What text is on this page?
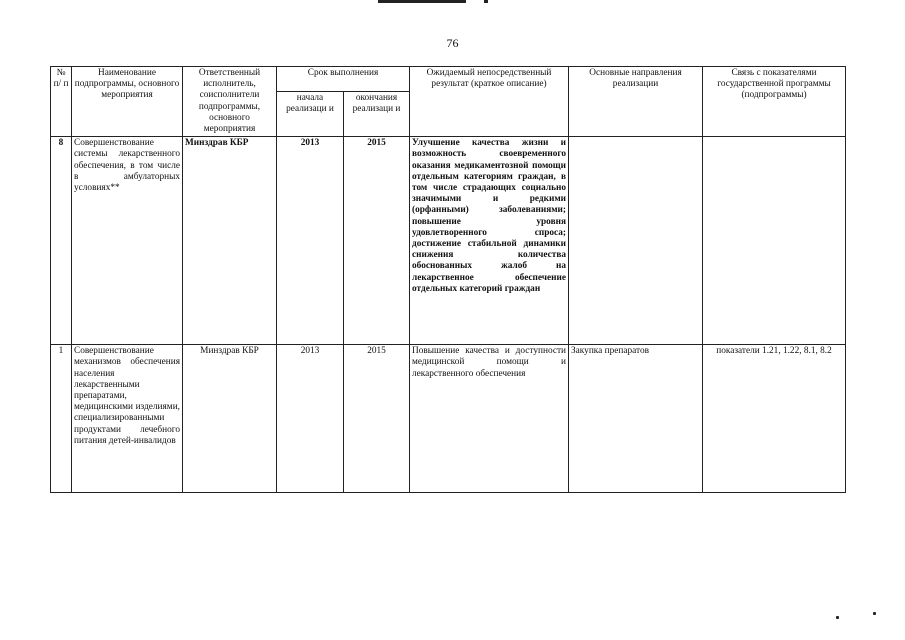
76
№ п/ п	Наименование подпрограммы, основного мероприятия	Ответственный исполнитель, соисполнители подпрограммы, основного мероприятия	Срок выполнения		Ожидаемый непосредственный результат (краткое описание)	Основные направления реализации	Связь с показателями государственной программы (подпрограммы)
			начала реализаци и	окончания реализаци и			
8	Совершенствование системы лекарственного обеспечения, в том числе в амбулаторных условиях**	Минздрав КБР	2013	2015	Улучшение качества жизни и возможность своевременного оказания медикаментозной помощи отдельным категориям граждан, в том числе страдающих социально значимыми и редкими (орфанными) заболеваниями; повышение уровня удовлетворенного спроса; достижение стабильной динамики снижения количества обоснованных жалоб на лекарственное обеспечение отдельных категорий граждан		
1	Совершенствование механизмов обеспечения населения лекарственными препаратами, медицинскими изделиями, специализированными продуктами лечебного питания детей-инвалидов	Минздрав КБР	2013	2015	Повышение качества и доступности медицинской помощи и лекарственного обеспечения	Закупка препаратов	показатели 1.21, 1.22, 8.1, 8.2
